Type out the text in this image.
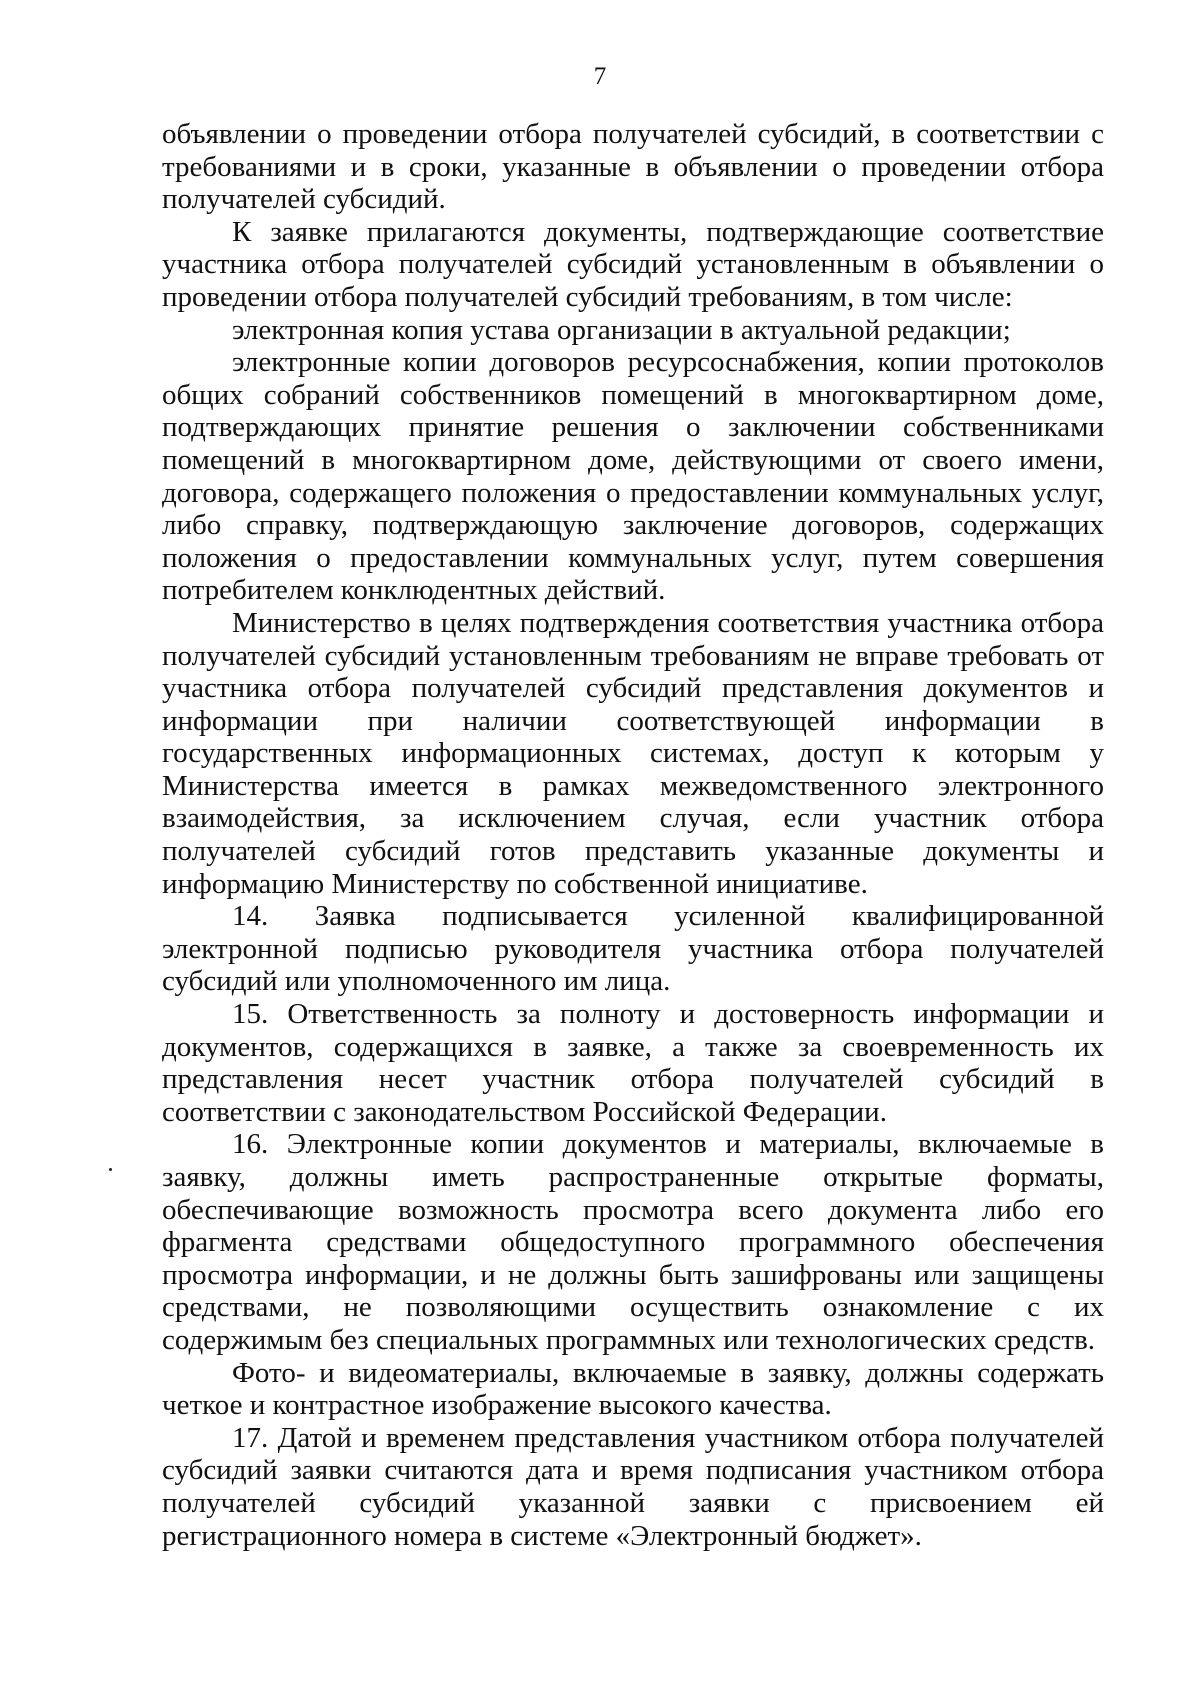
7

объявлении о проведении отбора получателей субсидий, в соответствии с требованиями и в сроки, указанные в объявлении о проведении отбора получателей субсидий.

К заявке прилагаются документы, подтверждающие соответствие участника отбора получателей субсидий установленным в объявлении о проведении отбора получателей субсидий требованиям, в том числе:

электронная копия устава организации в актуальной редакции;

электронные копии договоров ресурсоснабжения, копии протоколов общих собраний собственников помещений в многоквартирном доме, подтверждающих принятие решения о заключении собственниками помещений в многоквартирном доме, действующими от своего имени, договора, содержащего положения о предоставлении коммунальных услуг, либо справку, подтверждающую заключение договоров, содержащих положения о предоставлении коммунальных услуг, путем совершения потребителем конклюдентных действий.

Министерство в целях подтверждения соответствия участника отбора получателей субсидий установленным требованиям не вправе требовать от участника отбора получателей субсидий представления документов и информации при наличии соответствующей информации в государственных информационных системах, доступ к которым у Министерства имеется в рамках межведомственного электронного взаимодействия, за исключением случая, если участник отбора получателей субсидий готов представить указанные документы и информацию Министерству по собственной инициативе.

14. Заявка подписывается усиленной квалифицированной электронной подписью руководителя участника отбора получателей субсидий или уполномоченного им лица.

15. Ответственность за полноту и достоверность информации и документов, содержащихся в заявке, а также за своевременность их представления несет участник отбора получателей субсидий в соответствии с законодательством Российской Федерации.

16. Электронные копии документов и материалы, включаемые в заявку, должны иметь распространенные открытые форматы, обеспечивающие возможность просмотра всего документа либо его фрагмента средствами общедоступного программного обеспечения просмотра информации, и не должны быть зашифрованы или защищены средствами, не позволяющими осуществить ознакомление с их содержимым без специальных программных или технологических средств.

Фото- и видеоматериалы, включаемые в заявку, должны содержать четкое и контрастное изображение высокого качества.

17. Датой и временем представления участником отбора получателей субсидий заявки считаются дата и время подписания участником отбора получателей субсидий указанной заявки с присвоением ей регистрационного номера в системе «Электронный бюджет».
